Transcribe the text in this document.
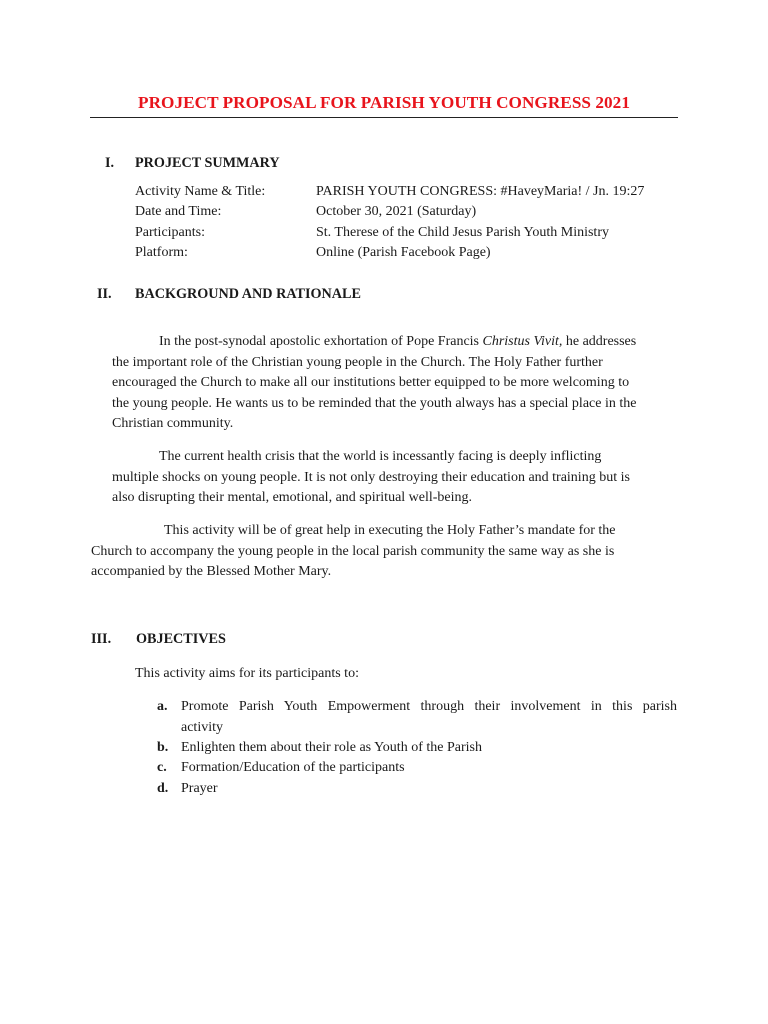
PROJECT PROPOSAL FOR PARISH YOUTH CONGRESS 2021
I. PROJECT SUMMARY
Activity Name & Title:	PARISH YOUTH CONGRESS: #HaveyMaria! / Jn. 19:27
Date and Time:	October 30, 2021 (Saturday)
Participants:	St. Therese of the Child Jesus Parish Youth Ministry
Platform:	Online (Parish Facebook Page)
II. BACKGROUND AND RATIONALE
In the post-synodal apostolic exhortation of Pope Francis Christus Vivit, he addresses
the important role of the Christian young people in the Church. The Holy Father further
encouraged the Church to make all our institutions better equipped to be more welcoming to
the young people. He wants us to be reminded that the youth always has a special place in the
Christian community.
The current health crisis that the world is incessantly facing is deeply inflicting
multiple shocks on young people. It is not only destroying their education and training but is
also disrupting their mental, emotional, and spiritual well-being.
This activity will be of great help in executing the Holy Father’s mandate for the
Church to accompany the young people in the local parish community the same way as she is
accompanied by the Blessed Mother Mary.
III. OBJECTIVES
This activity aims for its participants to:
a. Promote Parish Youth Empowerment through their involvement in this parish
activity
b. Enlighten them about their role as Youth of the Parish
c. Formation/Education of the participants
d. Prayer
